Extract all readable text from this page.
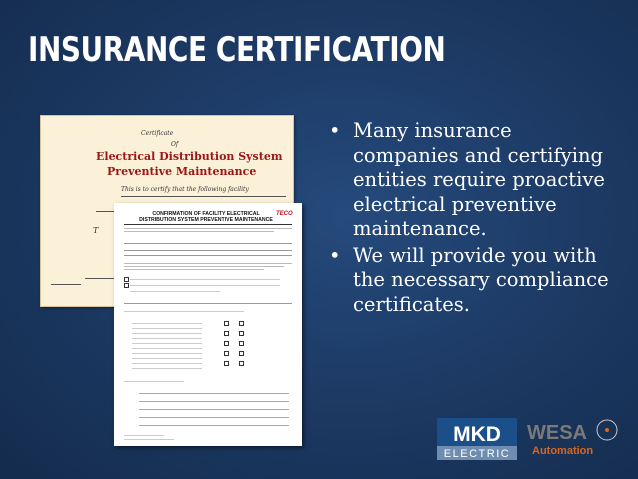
INSURANCE CERTIFICATION
• Many insurance companies and certifying entities require proactive electrical preventive maintenance.
• We will provide you with the necessary compliance certificates.
Certificate
Of
Electrical Distribution System
Preventive Maintenance
This is to certify that the following facility
T
CONFIRMATION OF FACILITY ELECTRICAL DISTRIBUTION SYSTEM PREVENTIVE MAINTENANCE
TECO
MKD
ELECTRIC
WESA
Automation
